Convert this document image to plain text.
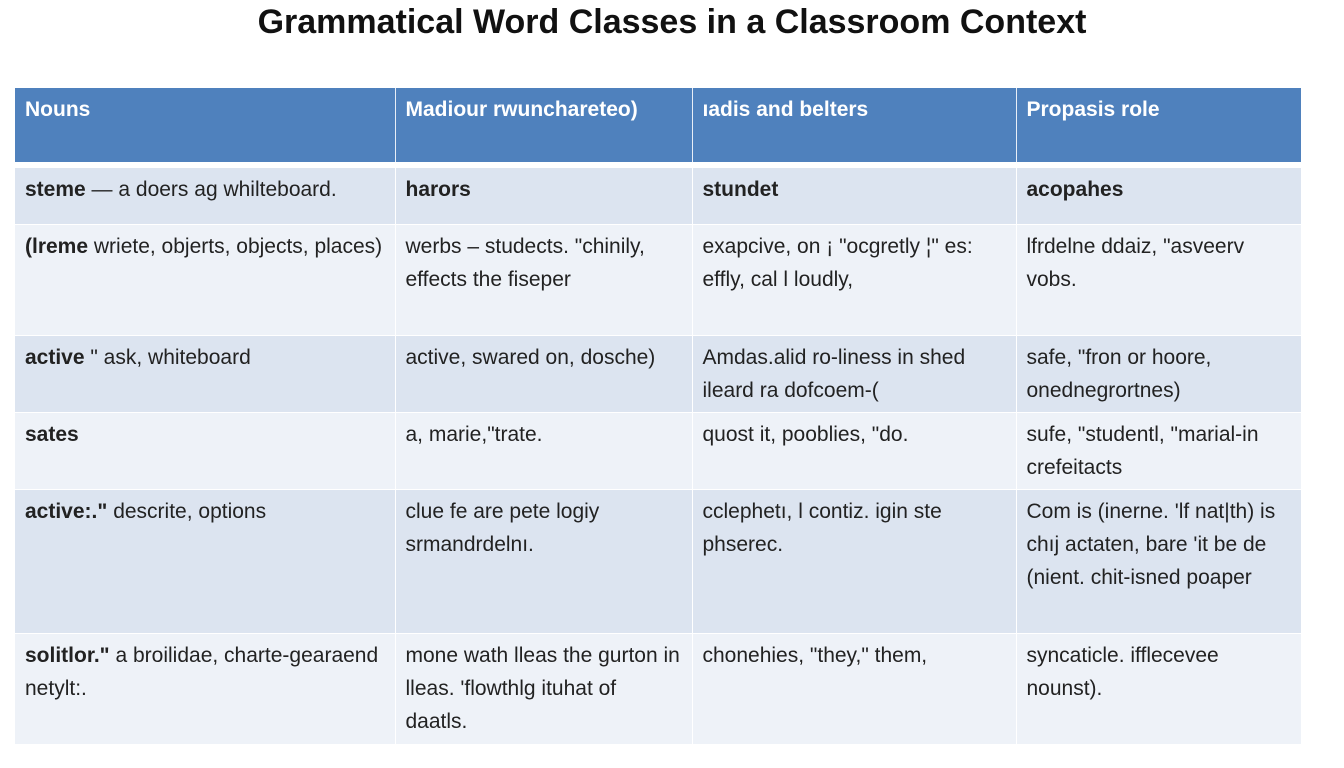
Grammatical Word Classes in a Classroom Context
Nouns	Madiour rwunchareteo)	ıadis and beltеrs	Propasis role
steme — a doers ag whilteboard.	harors	stundet	acopahes
(lreme wriete, objerts, objects, places)	werbs – studects. "chinily, effects the fiseper	exapcive, on ¡ "ocgretly ¦" es: effly, cal l loudly,	lfrdelne ddaiz, "asveerv vobs.
active " ask, whiteboard	active, swared on, dosche)	Amdas.alid ro-liness in shed ileard ra dofcoem-(	safe, "fron or hoore, onednegrortnes)
sates	a, marie,"trate.	quost it, pooblies, "do.	sufe, "studentl, "marial-in crefeitacts
active:." descrite, options	clue fe are pete logiy srmandrdelnı.	cclephetı, l contiz. igin ste phserec.	Com is (inerne. 'lf nat|th) is chıj actaten, bare 'it be de (nient. chit-isned poaper
solitlor." a broilidae, charte-gearaend netylt:.	mone wath lleas the gurton in lleas. 'flowthlg ituhat of daatls.	chonehies, "they," them,	syncaticle. ifflecevee nounst).
